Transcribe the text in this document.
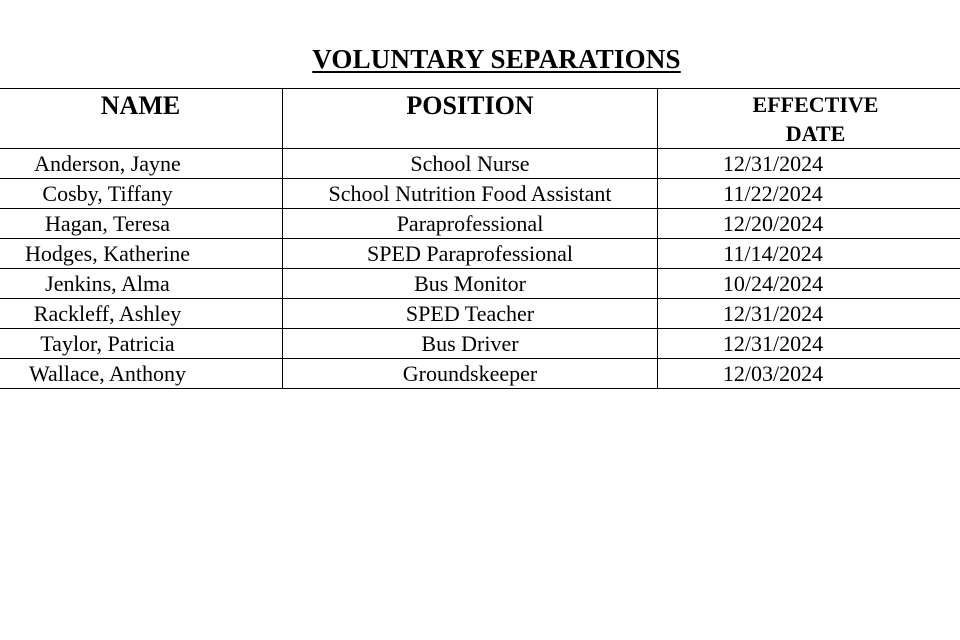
VOLUNTARY SEPARATIONS
NAME	POSITION	EFFECTIVE
DATE

Anderson, Jayne	School Nurse	12/31/2024
Cosby, Tiffany	School Nutrition Food Assistant	11/22/2024
Hagan, Teresa	Paraprofessional	12/20/2024
Hodges, Katherine	SPED Paraprofessional	11/14/2024
Jenkins, Alma	Bus Monitor	10/24/2024
Rackleff, Ashley	SPED Teacher	12/31/2024
Taylor, Patricia	Bus Driver	12/31/2024
Wallace, Anthony	Groundskeeper	12/03/2024
